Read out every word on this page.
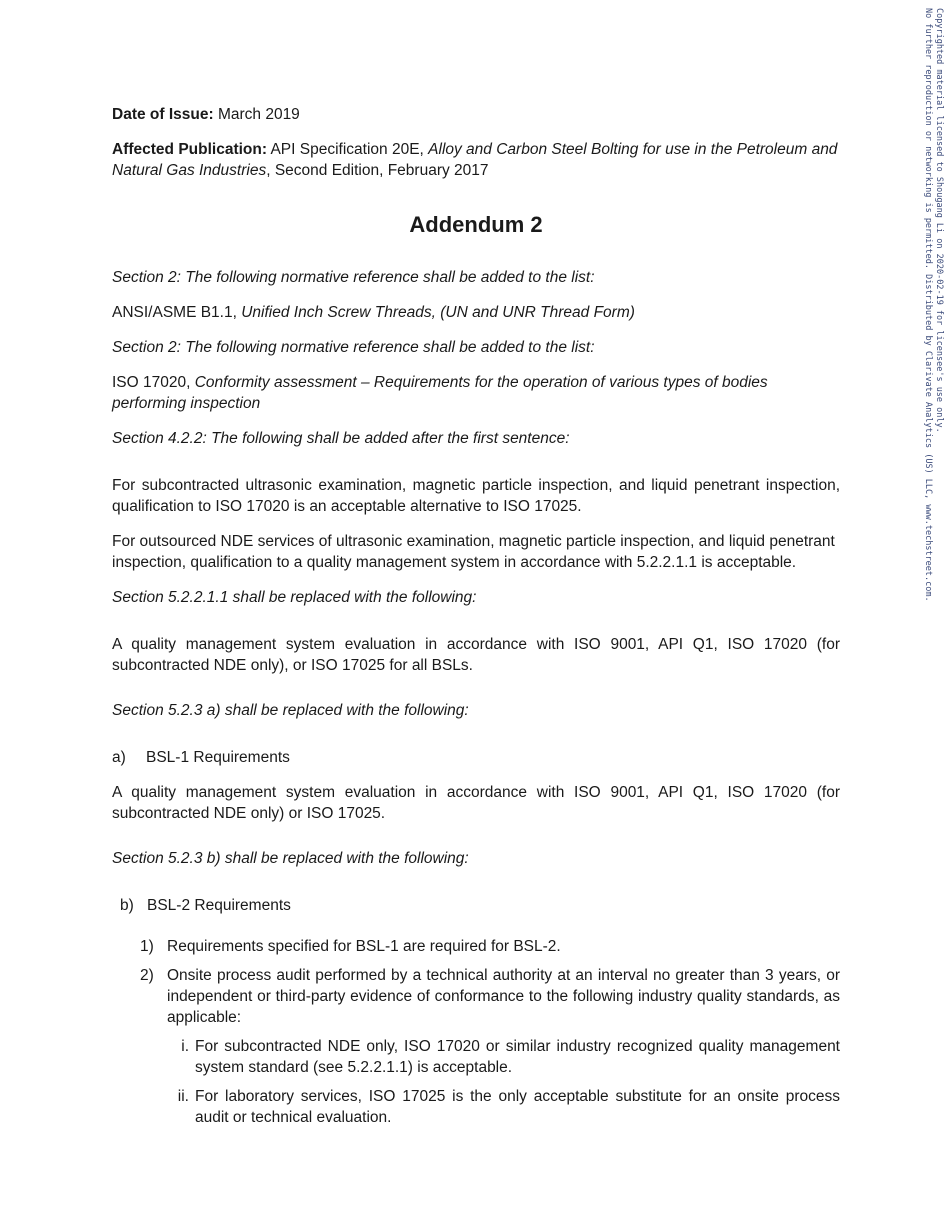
Copyrighted material licensed to Shougang Li on 2020-02-19 for licensee's use only.
No further reproduction or networking is permitted. Distributed by Clarivate Analytics (US) LLC, www.techstreet.com.

Date of Issue: March 2019

Affected Publication: API Specification 20E, Alloy and Carbon Steel Bolting for use in the Petroleum and Natural Gas Industries, Second Edition, February 2017

Addendum 2

Section 2: The following normative reference shall be added to the list:

ANSI/ASME B1.1, Unified Inch Screw Threads, (UN and UNR Thread Form)

Section 2: The following normative reference shall be added to the list:

ISO 17020, Conformity assessment – Requirements for the operation of various types of bodies performing inspection

Section 4.2.2: The following shall be added after the first sentence:

For subcontracted ultrasonic examination, magnetic particle inspection, and liquid penetrant inspection, qualification to ISO 17020 is an acceptable alternative to ISO 17025.

For outsourced NDE services of ultrasonic examination, magnetic particle inspection, and liquid penetrant inspection, qualification to a quality management system in accordance with 5.2.2.1.1 is acceptable.

Section 5.2.2.1.1 shall be replaced with the following:

A quality management system evaluation in accordance with ISO 9001, API Q1, ISO 17020 (for subcontracted NDE only), or ISO 17025 for all BSLs.

Section 5.2.3 a) shall be replaced with the following:

a)	BSL-1 Requirements

A quality management system evaluation in accordance with ISO 9001, API Q1, ISO 17020 (for subcontracted NDE only) or ISO 17025.

Section 5.2.3 b) shall be replaced with the following:

b) BSL-2 Requirements
1) Requirements specified for BSL-1 are required for BSL-2.
2) Onsite process audit performed by a technical authority at an interval no greater than 3 years, or independent or third-party evidence of conformance to the following industry quality standards, as applicable:
i. For subcontracted NDE only, ISO 17020 or similar industry recognized quality management system standard (see 5.2.2.1.1) is acceptable.
ii. For laboratory services, ISO 17025 is the only acceptable substitute for an onsite process audit or technical evaluation.
